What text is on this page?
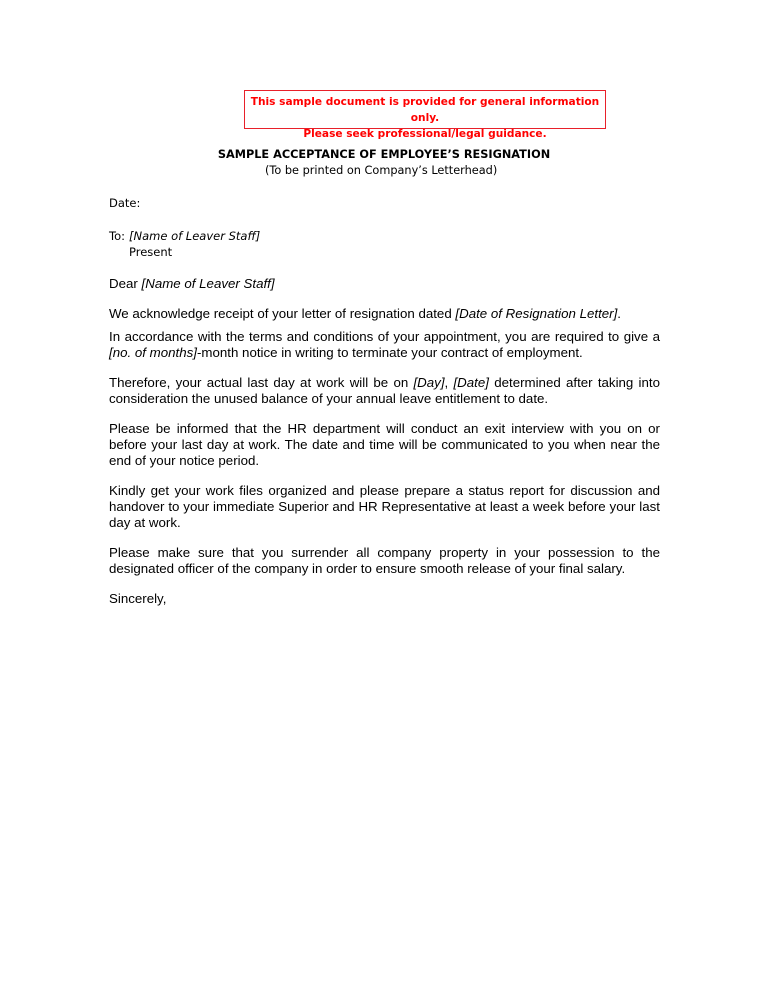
This sample document is provided for general information only.
Please seek professional/legal guidance.
SAMPLE ACCEPTANCE OF EMPLOYEE’S RESIGNATION
(To be printed on Company’s Letterhead)
Date:
To: [Name of Leaver Staff]
Present
Dear [Name of Leaver Staff]
We acknowledge receipt of your letter of resignation dated [Date of Resignation Letter].
In accordance with the terms and conditions of your appointment, you are required to give a [no. of months]-month notice in writing to terminate your contract of employment.
Therefore, your actual last day at work will be on [Day], [Date] determined after taking into consideration the unused balance of your annual leave entitlement to date.
Please be informed that the HR department will conduct an exit interview with you on or before your last day at work. The date and time will be communicated to you when near the end of your notice period.
Kindly get your work files organized and please prepare a status report for discussion and handover to your immediate Superior and HR Representative at least a week before your last day at work.
Please make sure that you surrender all company property in your possession to the designated officer of the company in order to ensure smooth release of your final salary.
Sincerely,
